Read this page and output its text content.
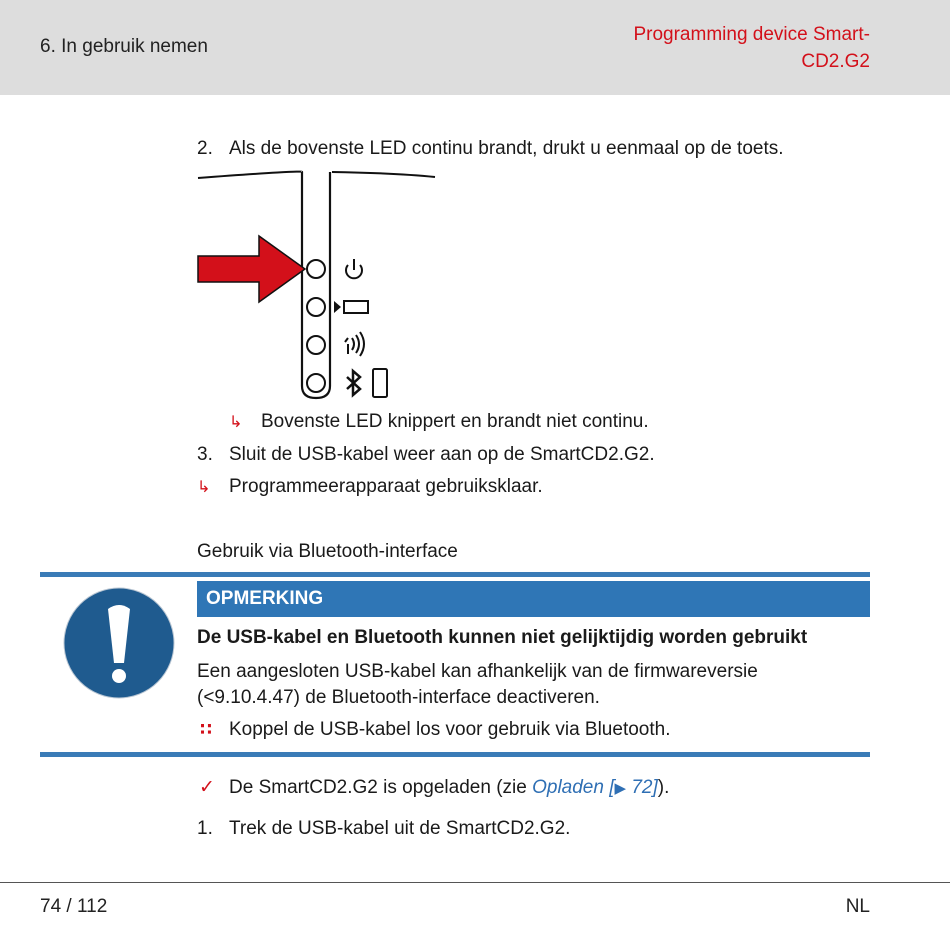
6. In gebruik nemen
Programming device Smart-
CD2.G2
2. Als de bovenste LED continu brandt, drukt u eenmaal op de toets.
↳ Bovenste LED knippert en brandt niet continu.
3. Sluit de USB-kabel weer aan op de SmartCD2.G2.
↳ Programmeerapparaat gebruiksklaar.
Gebruik via Bluetooth-interface
OPMERKING
De USB-kabel en Bluetooth kunnen niet gelijktijdig worden gebruikt
Een aangesloten USB-kabel kan afhankelijk van de firmwareversie
(<9.10.4.47) de Bluetooth-interface deactiveren.
∷ Koppel de USB-kabel los voor gebruik via Bluetooth.
✓ De SmartCD2.G2 is opgeladen (zie Opladen [▶ 72]).
1. Trek de USB-kabel uit de SmartCD2.G2.
74 / 112	NL
